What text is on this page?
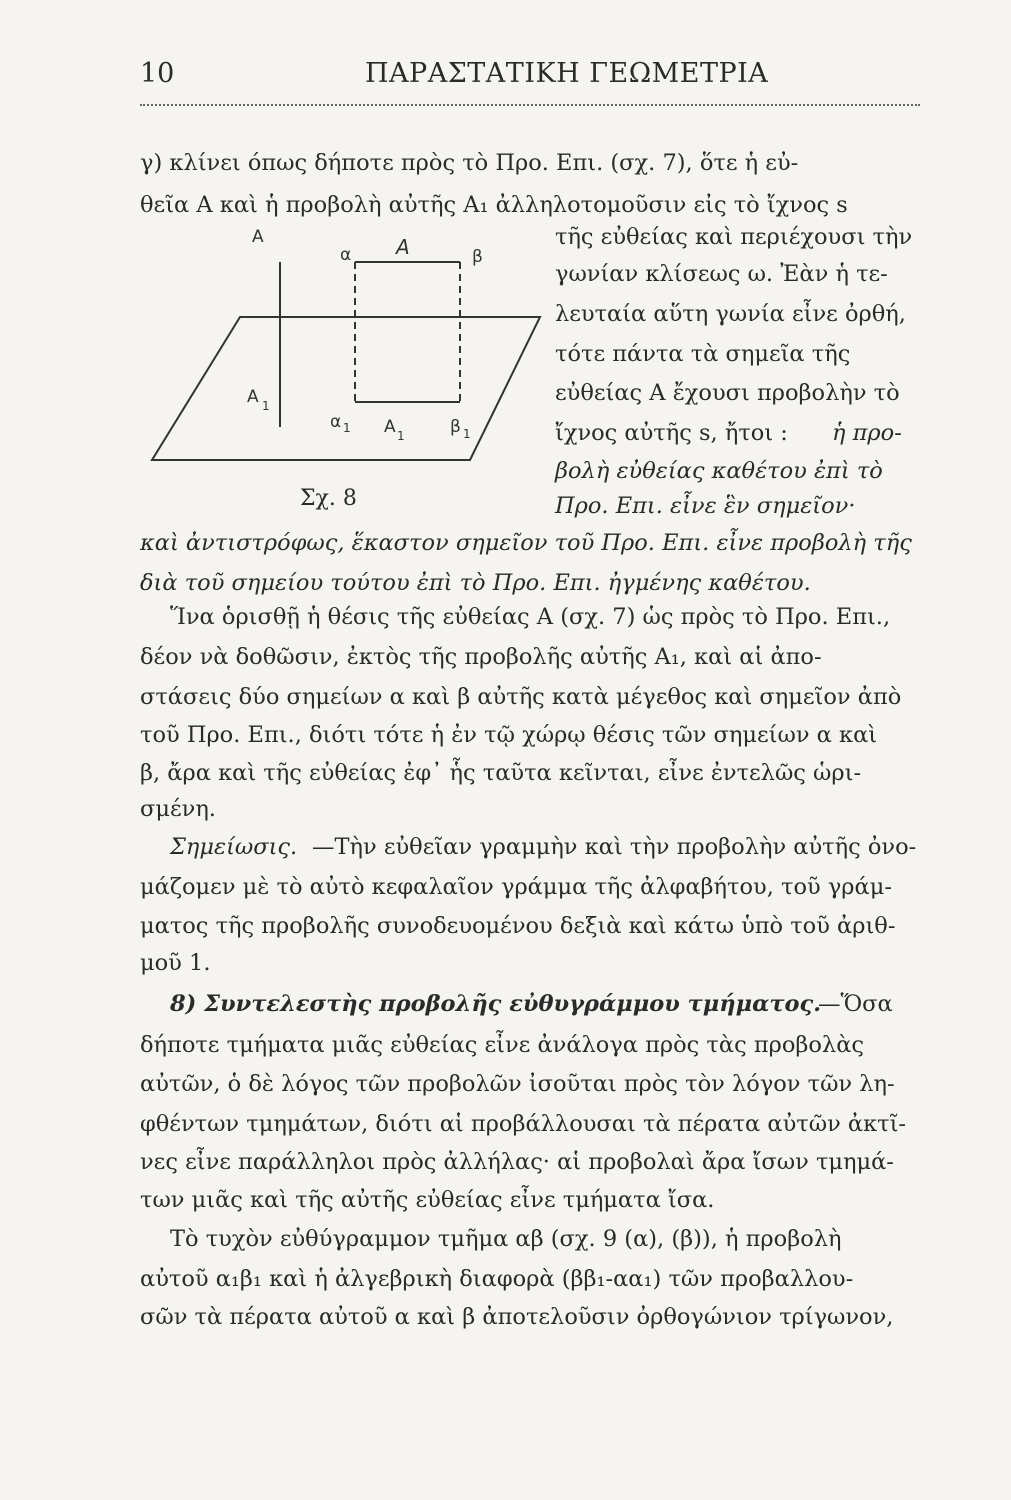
10	ΠΑΡΑΣΤΑΤΙΚΗ ΓΕΩΜΕΤΡΙΑ
A
α A	β
A 1
α 1 A 1	β 1
Σχ. 8
γ) κλίνει όπως δήποτε πρὸς τὸ Προ. Επι. (σχ. 7), ὅτε ἡ εὐ-
θεῖα Α καὶ ἡ προβολὴ αὐτῆς Α₁ ἀλληλοτομοῦσιν εἰς τὸ ἴχνος s
τῆς εὐθείας καὶ περιέχουσι τὴν
γωνίαν κλίσεως ω. Ἐὰν ἡ τε-
λευταία αὕτη γωνία εἶνε ὀρθή,
τότε πάντα τὰ σημεῖα τῆς
εὐθείας Α ἔχουσι προβολὴν τὸ
ἴχνος αὐτῆς s, ἤτοι : ἡ προ-
βολὴ εὐθείας καθέτου ἐπὶ τὸ
Προ. Επι. εἶνε ἓν σημεῖον·
καὶ ἀντιστρόφως, ἕκαστον σημεῖον τοῦ Προ. Επι. εἶνε προβολὴ τῆς
διὰ τοῦ σημείου τούτου ἐπὶ τὸ Προ. Επι. ἠγμένης καθέτου.
Ἵνα ὁρισθῇ ἡ θέσις τῆς εὐθείας Α (σχ. 7) ὡς πρὸς τὸ Προ. Επι.,
δέον νὰ δοθῶσιν, ἐκτὸς τῆς προβολῆς αὐτῆς Α₁, καὶ αἱ ἀπο-
στάσεις δύο σημείων α καὶ β αὐτῆς κατὰ μέγεθος καὶ σημεῖον ἀπὸ
τοῦ Προ. Επι., διότι τότε ἡ ἐν τῷ χώρῳ θέσις τῶν σημείων α καὶ
β, ἄρα καὶ τῆς εὐθείας ἐφ᾽ ἧς ταῦτα κεῖνται, εἶνε ἐντελῶς ὡρι-
σμένη.
Σημείωσις. —Τὴν εὐθεῖαν γραμμὴν καὶ τὴν προβολὴν αὐτῆς ὀνο-
μάζομεν μὲ τὸ αὐτὸ κεφαλαῖον γράμμα τῆς ἀλφαβήτου, τοῦ γράμ-
ματος τῆς προβολῆς συνοδευομένου δεξιὰ καὶ κάτω ὑπὸ τοῦ ἀριθ-
μοῦ 1.
8) Συντελεστὴς προβολῆς εὐθυγράμμου τμήματος.
—Ὅσα
δήποτε τμήματα μιᾶς εὐθείας εἶνε ἀνάλογα πρὸς τὰς προβολὰς
αὐτῶν, ὁ δὲ λόγος τῶν προβολῶν ἰσοῦται πρὸς τὸν λόγον τῶν λη-
φθέντων τμημάτων, διότι αἱ προβάλλουσαι τὰ πέρατα αὐτῶν ἀκτῖ-
νες εἶνε παράλληλοι πρὸς ἀλλήλας· αἱ προβολαὶ ἄρα ἴσων τμημά-
των μιᾶς καὶ τῆς αὐτῆς εὐθείας εἶνε τμήματα ἴσα.
Τὸ τυχὸν εὐθύγραμμον τμῆμα αβ (σχ. 9 (α), (β)), ἡ προβολὴ
αὐτοῦ α₁β₁ καὶ ἡ ἀλγεβρικὴ διαφορὰ (ββ₁-αα₁) τῶν προβαλλου-
σῶν τὰ πέρατα αὐτοῦ α καὶ β ἀποτελοῦσιν ὀρθογώνιον τρίγωνον,
